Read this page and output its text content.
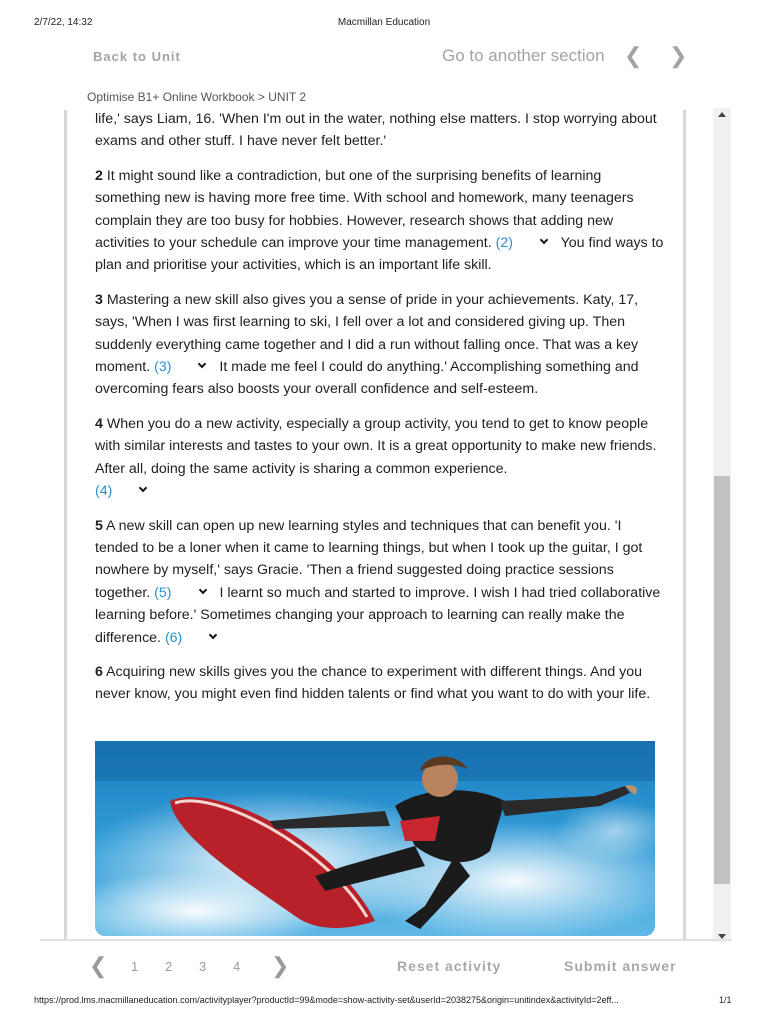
2/7/22, 14:32	Macmillan Education
Back to Unit	Go to another section ❮ ❯
Optimise B1+ Online Workbook > UNIT 2

life,' says Liam, 16. 'When I'm out in the water, nothing else matters. I stop worrying about exams and other stuff. I have never felt better.'

2 It might sound like a contradiction, but one of the surprising benefits of learning something new is having more free time. With school and homework, many teenagers complain they are too busy for hobbies. However, research shows that adding new activities to your schedule can improve your time management. (2)	You find ways to plan and prioritise your activities, which is an important life skill.

3 Mastering a new skill also gives you a sense of pride in your achievements. Katy, 17, says, 'When I was first learning to ski, I fell over a lot and considered giving up. Then suddenly everything came together and I did a run without falling once. That was a key moment. (3)	It made me feel I could do anything.' Accomplishing something and overcoming fears also boosts your overall confidence and self-esteem.

4 When you do a new activity, especially a group activity, you tend to get to know people with similar interests and tastes to your own. It is a great opportunity to make new friends. After all, doing the same activity is sharing a common experience.
(4)

5 A new skill can open up new learning styles and techniques that can benefit you. 'I tended to be a loner when it came to learning things, but when I took up the guitar, I got nowhere by myself,' says Gracie. 'Then a friend suggested doing practice sessions together. (5)	I learnt so much and started to improve. I wish I had tried collaborative learning before.' Sometimes changing your approach to learning can really make the difference. (6)

6 Acquiring new skills gives you the chance to experiment with different things. And you never know, you might even find hidden talents or find what you want to do with your life.

❮ 1 2 3 4 ❯	Reset activity	Submit answer
https://prod.lms.macmillaneducation.com/activityplayer?productId=99&mode=show-activity-set&userId=2038275&origin=unitindex&activityId=2eff...	1/1
